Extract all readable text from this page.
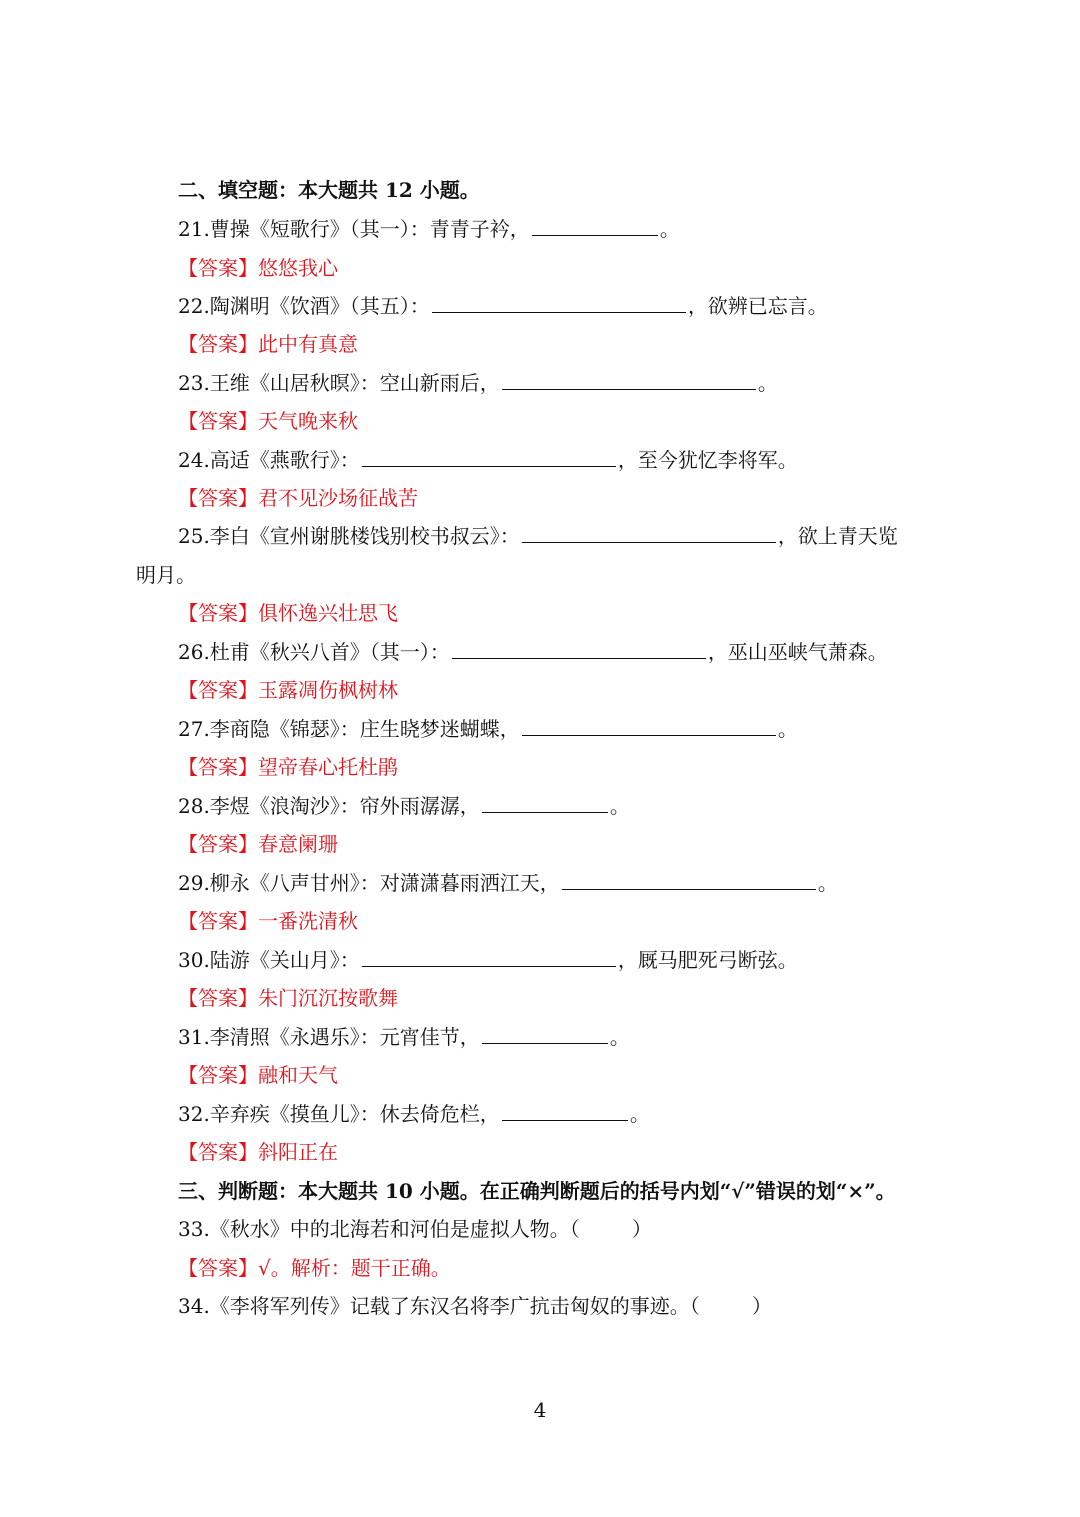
二、填空题：本大题共 12 小题。
21.曹操《短歌行》（其一）：青青子衿，	。
【答案】悠悠我心
22.陶渊明《饮酒》（其五）：	，欲辨已忘言。
【答案】此中有真意
23.王维《山居秋暝》：空山新雨后，	。
【答案】天气晚来秋
24.高适《燕歌行》：	，至今犹忆李将军。
【答案】君不见沙场征战苦
25.李白《宣州谢朓楼饯别校书叔云》：	，欲上青天览
明月。
【答案】俱怀逸兴壮思飞
26.杜甫《秋兴八首》（其一）：	，巫山巫峡气萧森。
【答案】玉露凋伤枫树林
27.李商隐《锦瑟》：庄生晓梦迷蝴蝶，	。
【答案】望帝春心托杜鹃
28.李煜《浪淘沙》：帘外雨潺潺，	。
【答案】春意阑珊
29.柳永《八声甘州》：对潇潇暮雨洒江天，	。
【答案】一番洗清秋
30.陆游《关山月》：	，厩马肥死弓断弦。
【答案】朱门沉沉按歌舞
31.李清照《永遇乐》：元宵佳节，	。
【答案】融和天气
32.辛弃疾《摸鱼儿》：休去倚危栏，	。
【答案】斜阳正在
三、判断题：本大题共 10 小题。在正确判断题后的括号内划“√”错误的划“×”。
33.《秋水》中的北海若和河伯是虚拟人物。（	）
【答案】√。解析：题干正确。
34.《李将军列传》记载了东汉名将李广抗击匈奴的事迹。（	）
4
